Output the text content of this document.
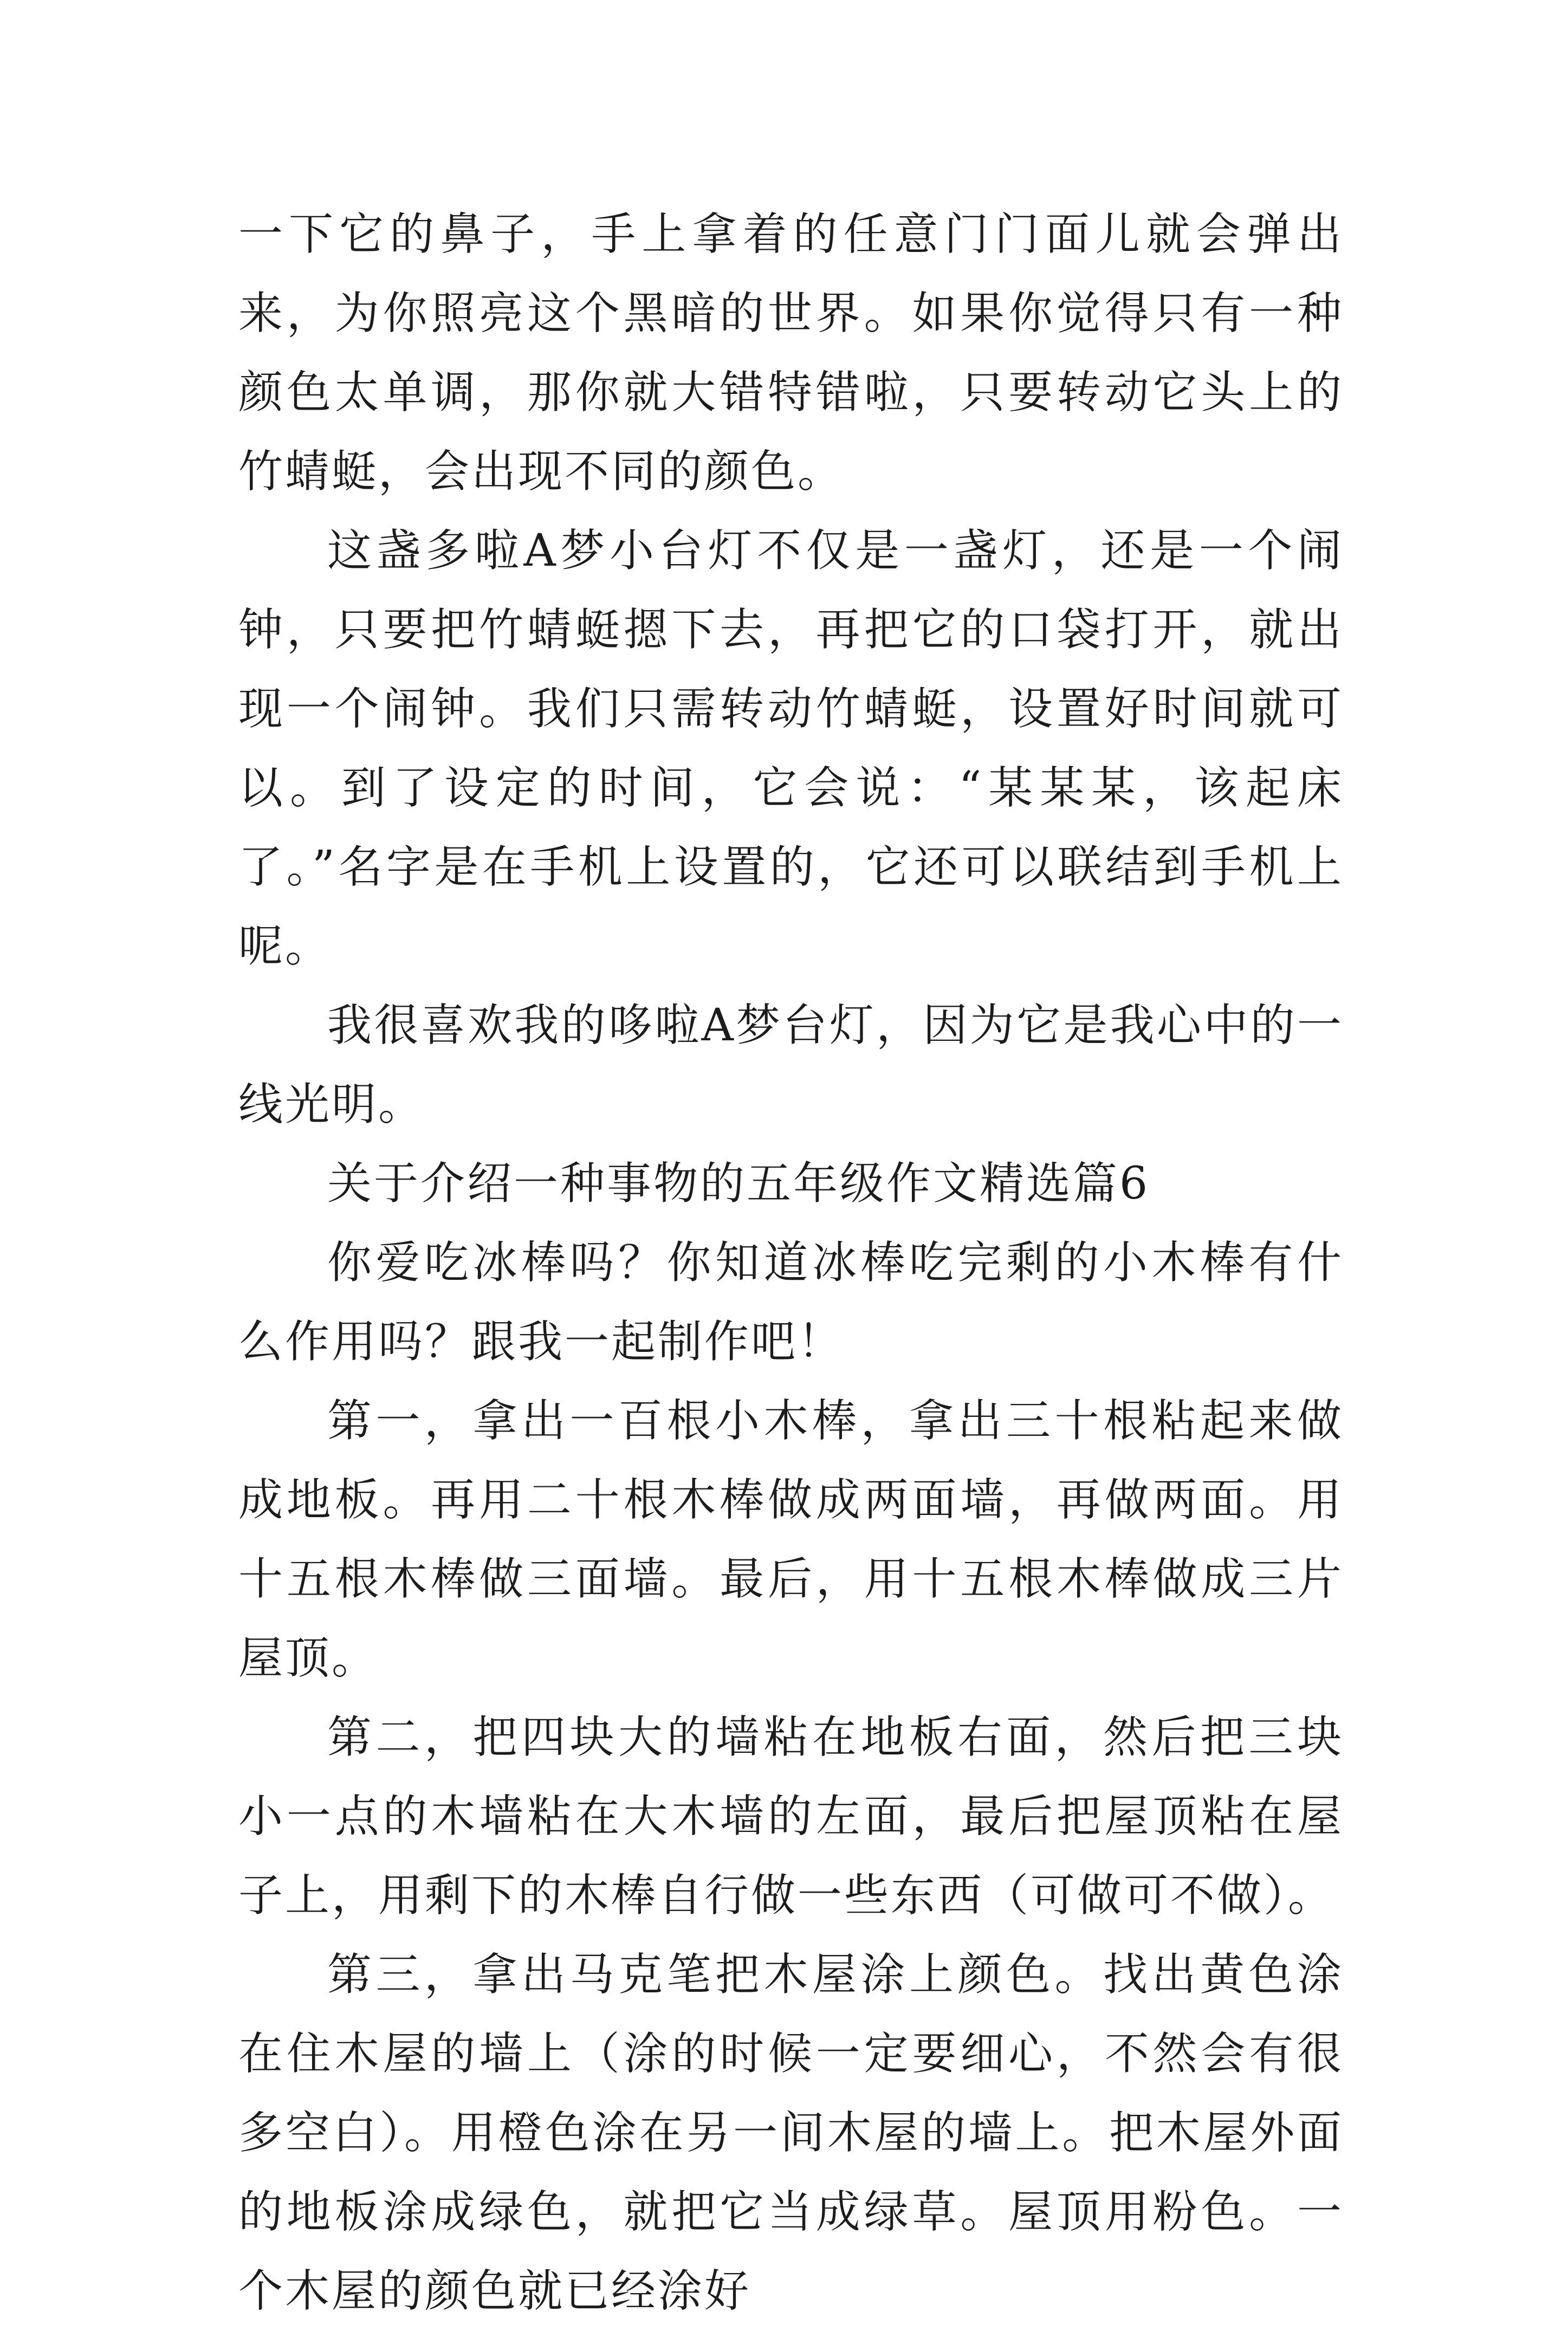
一下它的鼻子，手上拿着的任意门门面儿就会弹出来，为你照亮这个黑暗的世界。如果你觉得只有一种颜色太单调，那你就大错特错啦，只要转动它头上的竹蜻蜓，会出现不同的颜色。

这盏多啦A梦小台灯不仅是一盏灯，还是一个闹钟，只要把竹蜻蜓摁下去，再把它的口袋打开，就出现一个闹钟。我们只需转动竹蜻蜓，设置好时间就可以。到了设定的时间，它会说：“某某某，该起床了。”名字是在手机上设置的，它还可以联结到手机上呢。

我很喜欢我的哆啦A梦台灯，因为它是我心中的一线光明。

关于介绍一种事物的五年级作文精选篇6

你爱吃冰棒吗？你知道冰棒吃完剩的小木棒有什么作用吗？跟我一起制作吧！

第一，拿出一百根小木棒，拿出三十根粘起来做成地板。再用二十根木棒做成两面墙，再做两面。用十五根木棒做三面墙。最后，用十五根木棒做成三片屋顶。

第二，把四块大的墙粘在地板右面，然后把三块小一点的木墙粘在大木墙的左面，最后把屋顶粘在屋子上，用剩下的木棒自行做一些东西（可做可不做）。

第三，拿出马克笔把木屋涂上颜色。找出黄色涂在住木屋的墙上（涂的时候一定要细心，不然会有很多空白）。用橙色涂在另一间木屋的墙上。把木屋外面的地板涂成绿色，就把它当成绿草。屋顶用粉色。一个木屋的颜色就已经涂好
